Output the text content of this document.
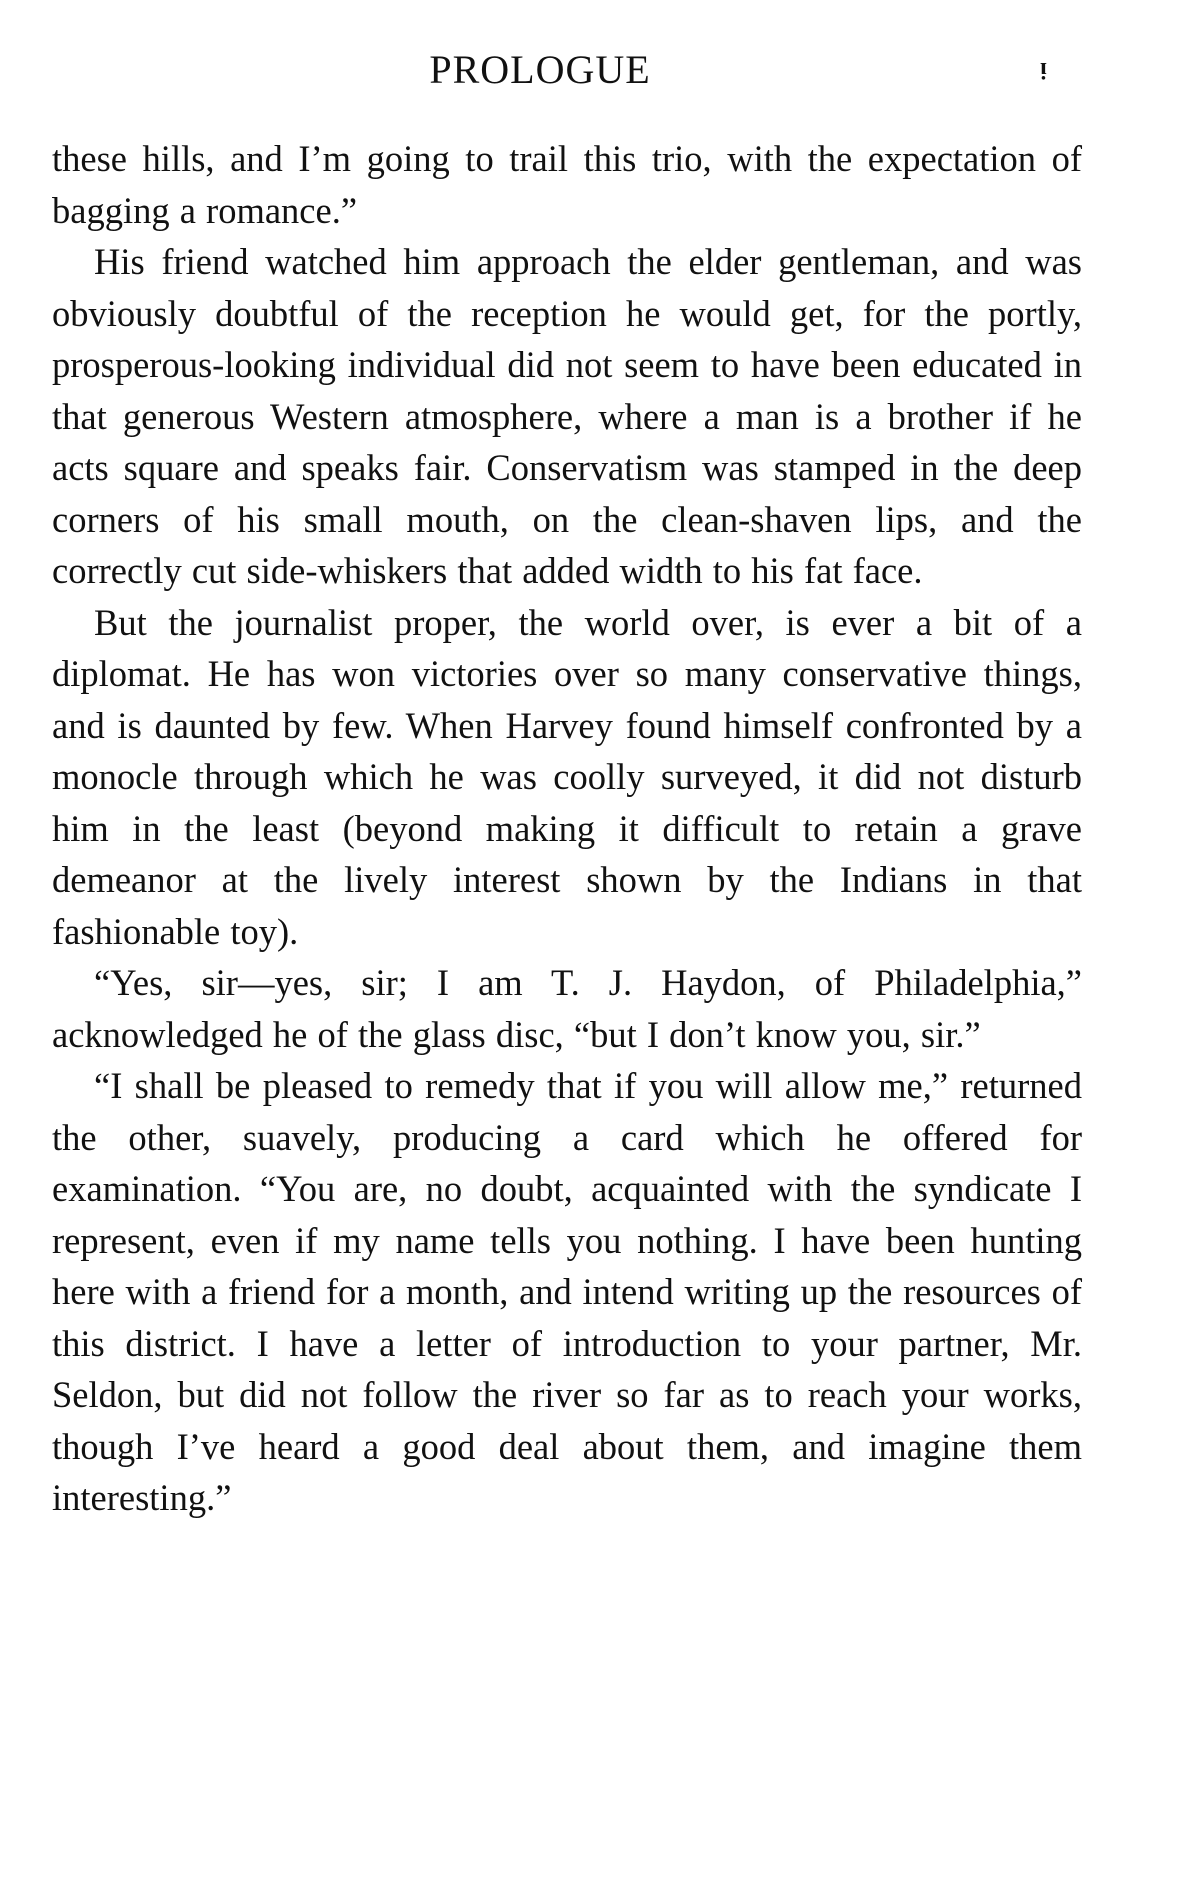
PROLOGUE	ᵎ

these hills, and I’m going to trail this trio, with the expectation of bagging a romance.”

His friend watched him approach the elder gentleman, and was obviously doubtful of the reception he would get, for the portly, prosperous-looking individual did not seem to have been educated in that generous Western atmosphere, where a man is a brother if he acts square and speaks fair. Conservatism was stamped in the deep corners of his small mouth, on the clean-shaven lips, and the correctly cut side-whiskers that added width to his fat face.

But the journalist proper, the world over, is ever a bit of a diplomat. He has won victories over so many conservative things, and is daunted by few. When Harvey found himself confronted by a monocle through which he was coolly surveyed, it did not disturb him in the least (beyond making it difficult to retain a grave demeanor at the lively interest shown by the Indians in that fashionable toy).

“Yes, sir—yes, sir; I am T. J. Haydon, of Philadelphia,” acknowledged he of the glass disc, “but I don’t know you, sir.”

“I shall be pleased to remedy that if you will allow me,” returned the other, suavely, producing a card which he offered for examination. “You are, no doubt, acquainted with the syndicate I represent, even if my name tells you nothing. I have been hunting here with a friend for a month, and intend writing up the resources of this district. I have a letter of introduction to your partner, Mr. Seldon, but did not follow the river so far as to reach your works, though I’ve heard a good deal about them, and imagine them interesting.”
